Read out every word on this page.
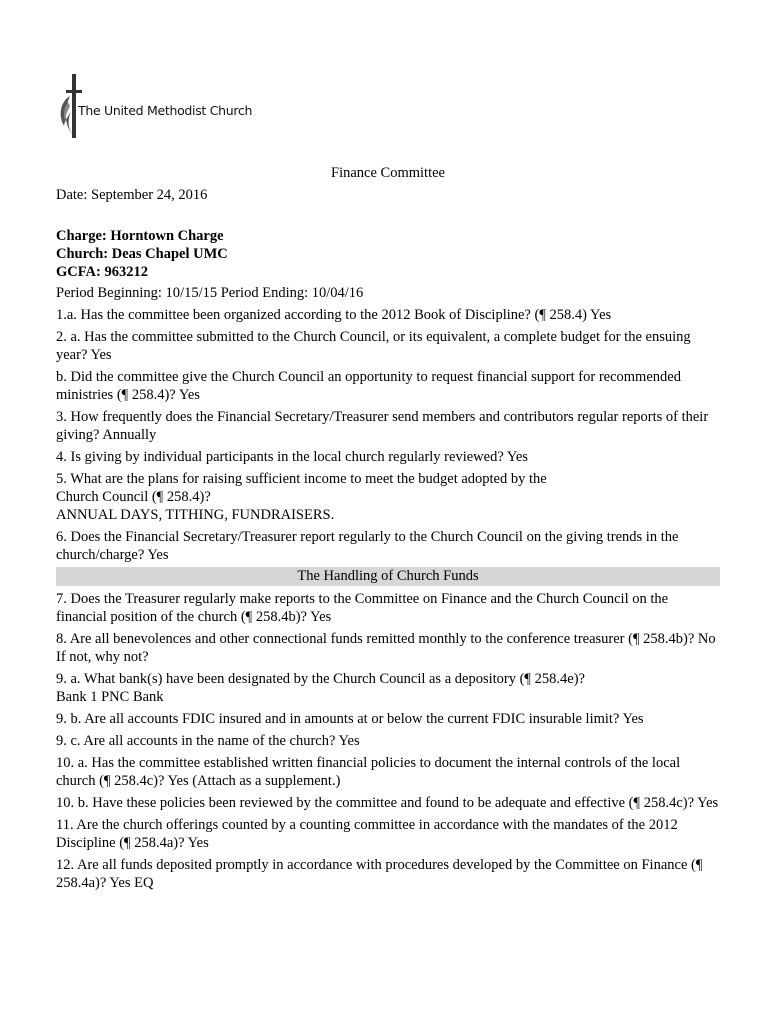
The United Methodist Church
Finance Committee
Date: September 24, 2016
Charge: Horntown Charge
Church: Deas Chapel UMC
GCFA: 963212
Period Beginning: 10/15/15 Period Ending: 10/04/16
1.a. Has the committee been organized according to the 2012 Book of Discipline? (¶ 258.4) Yes
2. a. Has the committee submitted to the Church Council, or its equivalent, a complete budget for the ensuing year? Yes
b. Did the committee give the Church Council an opportunity to request financial support for recommended ministries (¶ 258.4)? Yes
3. How frequently does the Financial Secretary/Treasurer send members and contributors regular reports of their giving? Annually
4. Is giving by individual participants in the local church regularly reviewed? Yes
5. What are the plans for raising sufficient income to meet the budget adopted by the
Church Council (¶ 258.4)?
ANNUAL DAYS, TITHING, FUNDRAISERS.
6. Does the Financial Secretary/Treasurer report regularly to the Church Council on the giving trends in the church/charge? Yes
The Handling of Church Funds
7. Does the Treasurer regularly make reports to the Committee on Finance and the Church Council on the financial position of the church (¶ 258.4b)? Yes
8. Are all benevolences and other connectional funds remitted monthly to the conference treasurer (¶ 258.4b)? No
If not, why not?
9. a. What bank(s) have been designated by the Church Council as a depository (¶ 258.4e)?
Bank 1 PNC Bank
9. b. Are all accounts FDIC insured and in amounts at or below the current FDIC insurable limit? Yes
9. c. Are all accounts in the name of the church? Yes
10. a. Has the committee established written financial policies to document the internal controls of the local church (¶ 258.4c)? Yes (Attach as a supplement.)
10. b. Have these policies been reviewed by the committee and found to be adequate and effective (¶ 258.4c)? Yes
11. Are the church offerings counted by a counting committee in accordance with the mandates of the 2012 Discipline (¶ 258.4a)? Yes
12. Are all funds deposited promptly in accordance with procedures developed by the Committee on Finance (¶ 258.4a)? Yes EQ
